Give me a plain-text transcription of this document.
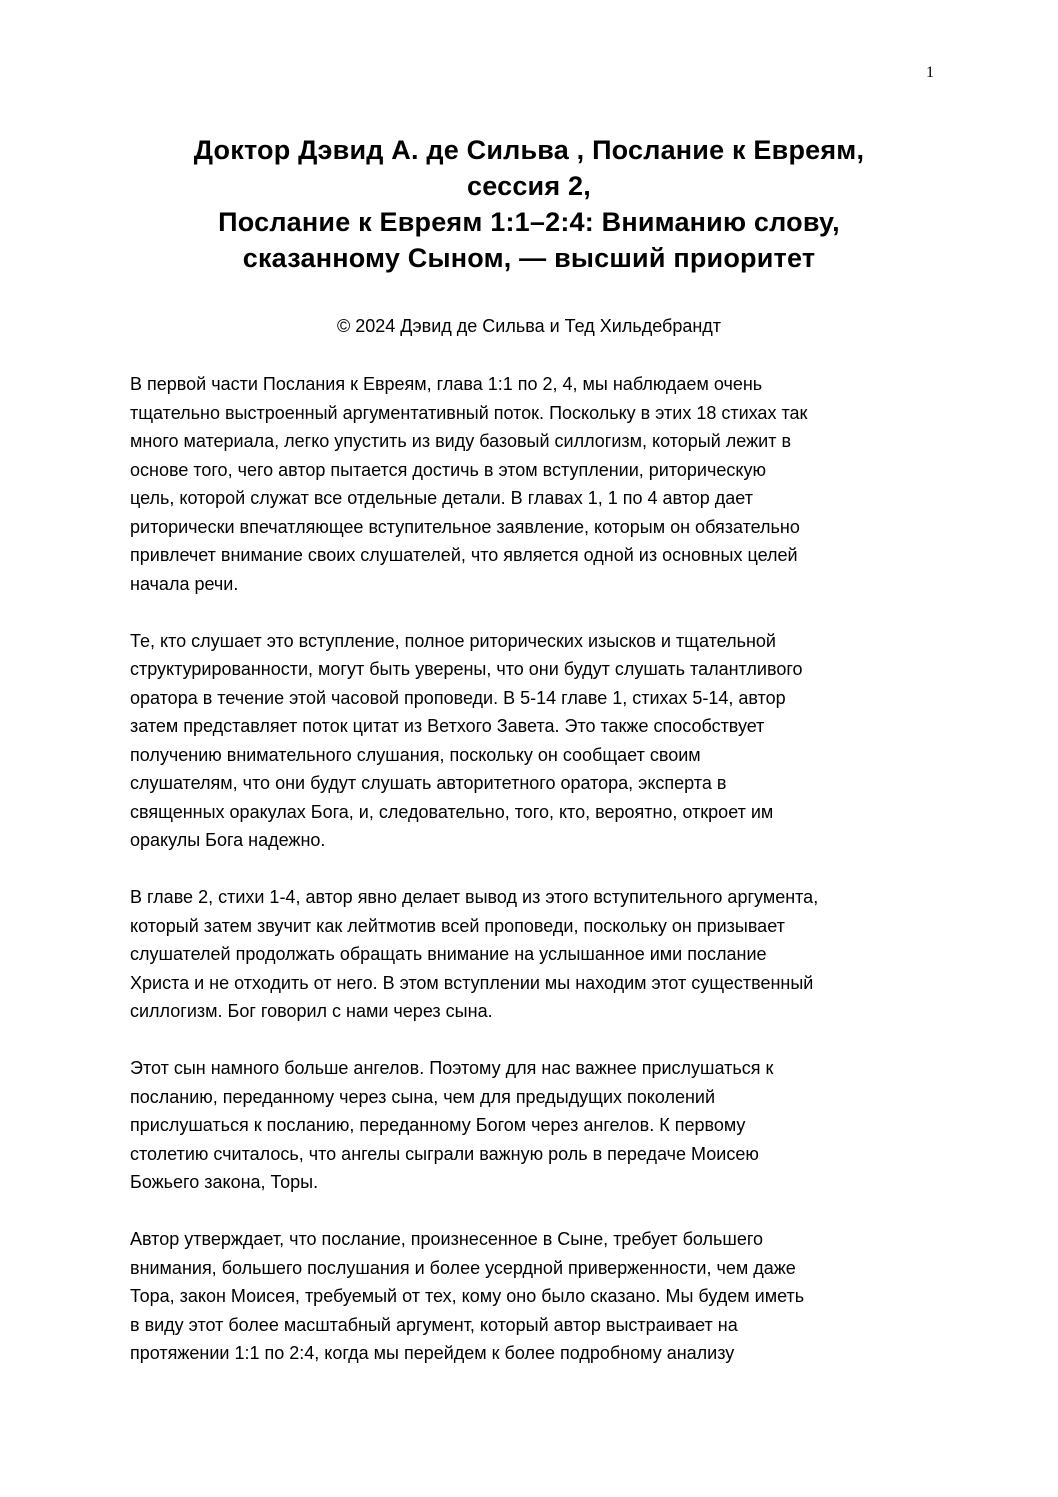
1
Доктор Дэвид А. де Сильва , Послание к Евреям,
сессия 2,
Послание к Евреям 1:1–2:4: Вниманию слову,
сказанному Сыном, — высший приоритет
© 2024 Дэвид де Сильва и Тед Хильдебрандт

В первой части Послания к Евреям, глава 1:1 по 2, 4, мы наблюдаем очень
тщательно выстроенный аргументативный поток. Поскольку в этих 18 стихах так
много материала, легко упустить из виду базовый силлогизм, который лежит в
основе того, чего автор пытается достичь в этом вступлении, риторическую
цель, которой служат все отдельные детали. В главах 1, 1 по 4 автор дает
риторически впечатляющее вступительное заявление, которым он обязательно
привлечет внимание своих слушателей, что является одной из основных целей
начала речи.

Те, кто слушает это вступление, полное риторических изысков и тщательной
структурированности, могут быть уверены, что они будут слушать талантливого
оратора в течение этой часовой проповеди. В 5-14 главе 1, стихах 5-14, автор
затем представляет поток цитат из Ветхого Завета. Это также способствует
получению внимательного слушания, поскольку он сообщает своим
слушателям, что они будут слушать авторитетного оратора, эксперта в
священных оракулах Бога, и, следовательно, того, кто, вероятно, откроет им
оракулы Бога надежно.

В главе 2, стихи 1-4, автор явно делает вывод из этого вступительного аргумента,
который затем звучит как лейтмотив всей проповеди, поскольку он призывает
слушателей продолжать обращать внимание на услышанное ими послание
Христа и не отходить от него. В этом вступлении мы находим этот существенный
силлогизм. Бог говорил с нами через сына.

Этот сын намного больше ангелов. Поэтому для нас важнее прислушаться к
посланию, переданному через сына, чем для предыдущих поколений
прислушаться к посланию, переданному Богом через ангелов. К первому
столетию считалось, что ангелы сыграли важную роль в передаче Моисею
Божьего закона, Торы.

Автор утверждает, что послание, произнесенное в Сыне, требует большего
внимания, большего послушания и более усердной приверженности, чем даже
Тора, закон Моисея, требуемый от тех, кому оно было сказано. Мы будем иметь
в виду этот более масштабный аргумент, который автор выстраивает на
протяжении 1:1 по 2:4, когда мы перейдем к более подробному анализу
